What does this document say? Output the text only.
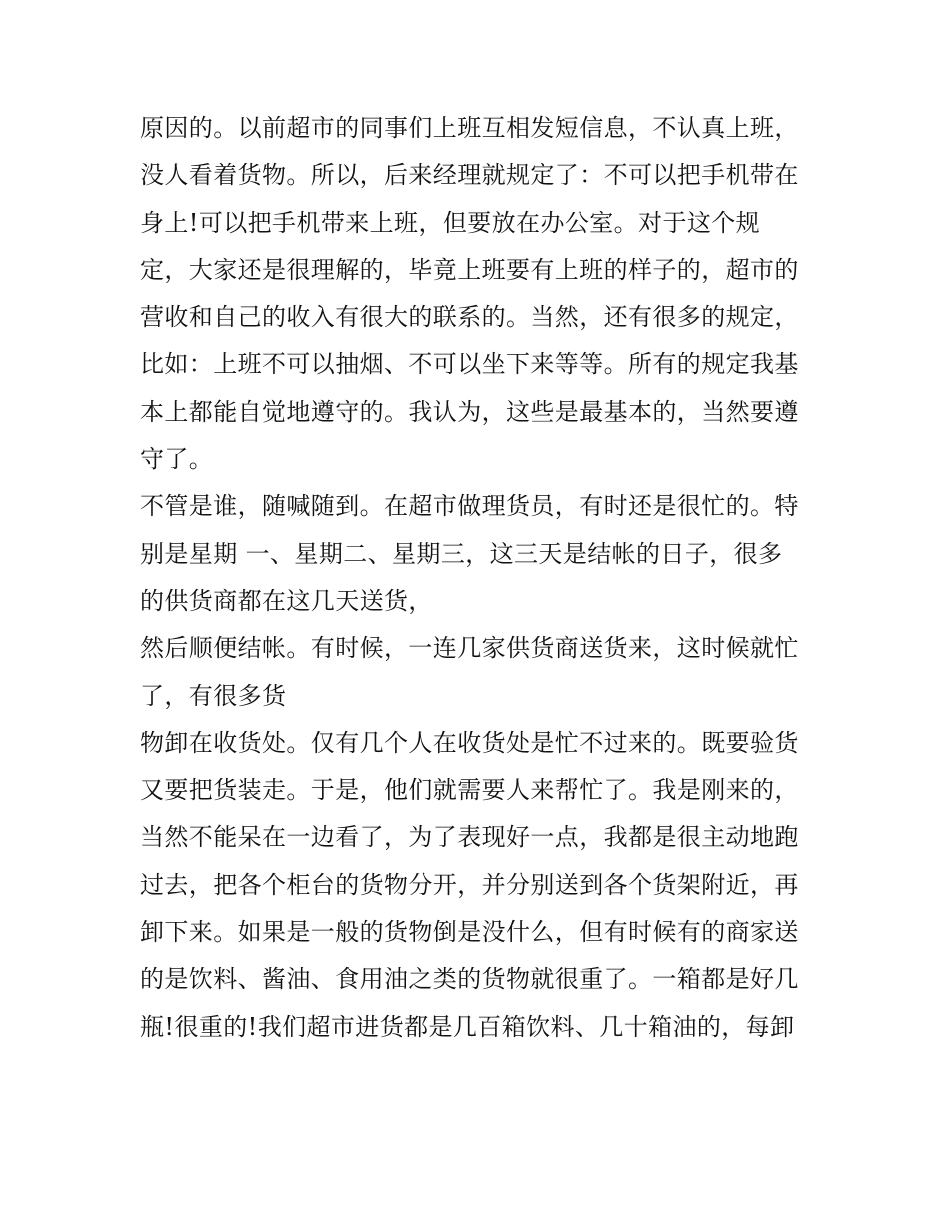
原因的。以前超市的同事们上班互相发短信息，不认真上班，
没人看着货物。所以，后来经理就规定了：不可以把手机带在
身上!可以把手机带来上班，但要放在办公室。对于这个规
定，大家还是很理解的，毕竟上班要有上班的样子的，超市的
营收和自己的收入有很大的联系的。当然，还有很多的规定，
比如：上班不可以抽烟、不可以坐下来等等。所有的规定我基
本上都能自觉地遵守的。我认为，这些是最基本的，当然要遵
守了。
不管是谁，随喊随到。在超市做理货员，有时还是很忙的。特
别是星期 一、星期二、星期三，这三天是结帐的日子，很多
的供货商都在这几天送货，
然后顺便结帐。有时候，一连几家供货商送货来，这时候就忙
了，有很多货
物卸在收货处。仅有几个人在收货处是忙不过来的。既要验货
又要把货装走。于是，他们就需要人来帮忙了。我是刚来的，
当然不能呆在一边看了，为了表现好一点，我都是很主动地跑
过去，把各个柜台的货物分开，并分别送到各个货架附近，再
卸下来。如果是一般的货物倒是没什么，但有时候有的商家送
的是饮料、酱油、食用油之类的货物就很重了。一箱都是好几
瓶!很重的!我们超市进货都是几百箱饮料、几十箱油的，每卸
